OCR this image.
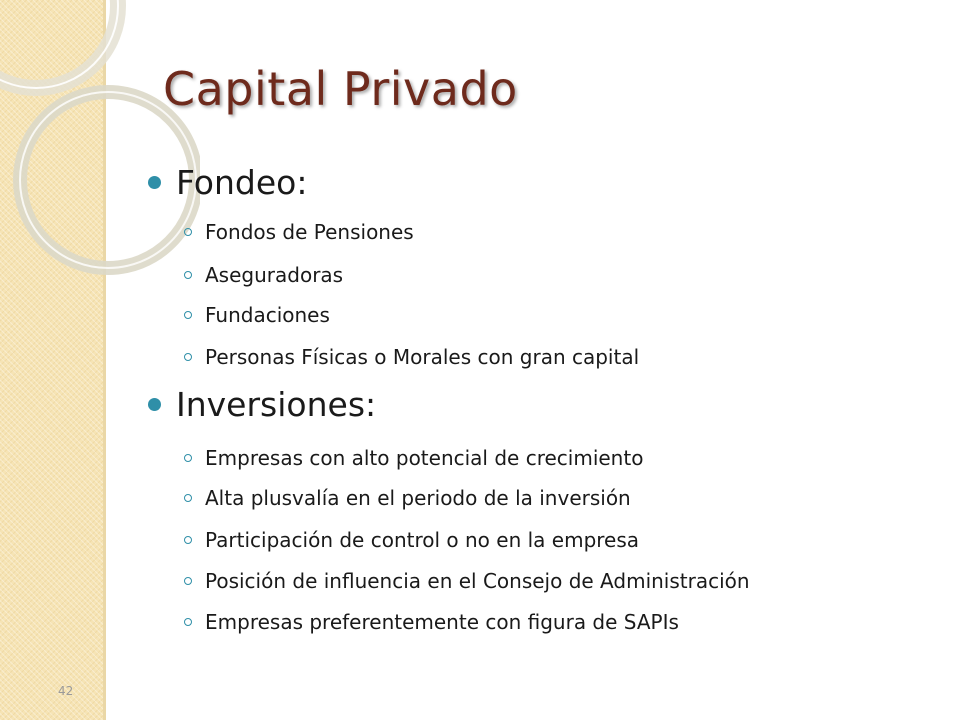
Capital Privado
Fondeo:
Fondos de Pensiones
Aseguradoras
Fundaciones
Personas Físicas o Morales con gran capital
Inversiones:
Empresas con alto potencial de crecimiento
Alta plusvalía en el periodo de la inversión
Participación de control o no en la empresa
Posición de influencia en el Consejo de Administración
Empresas preferentemente con figura de SAPIs
42
